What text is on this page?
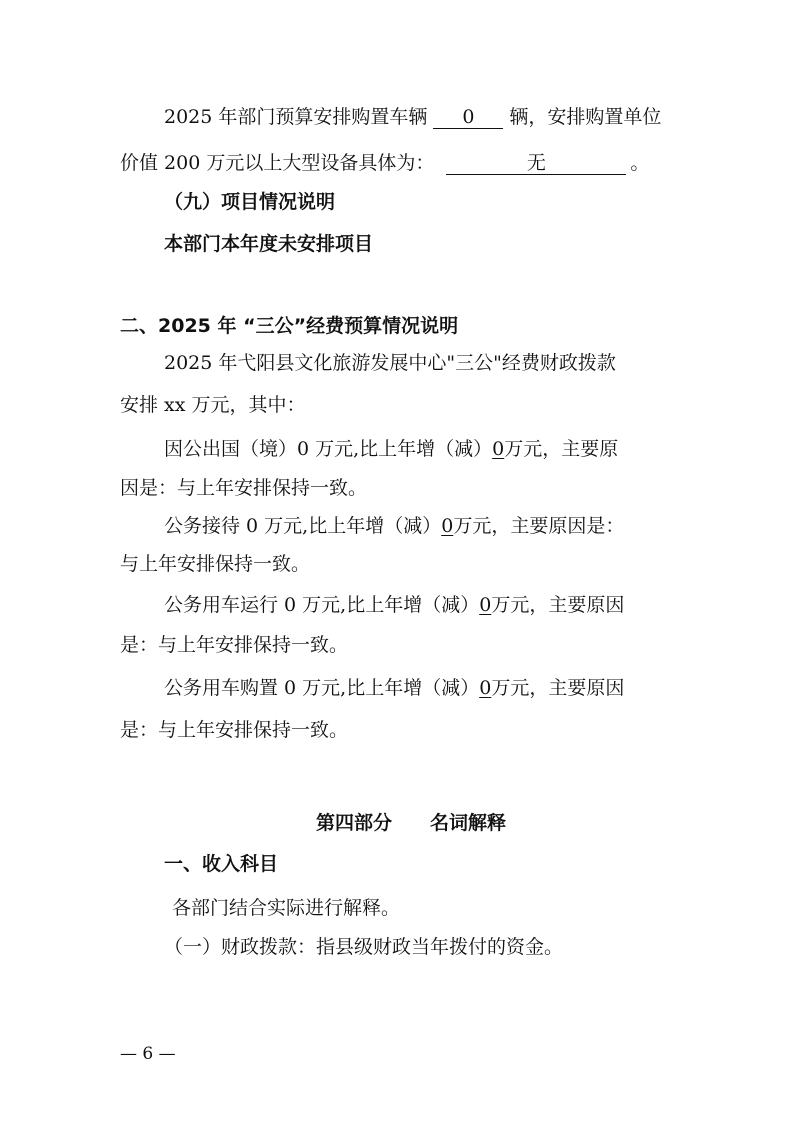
2025 年部门预算安排购置车辆 0 辆，安排购置单位
价值 200 万元以上大型设备具体为：	无	。
（九）项目情况说明
本部门本年度未安排项目
二、2025 年 “三公”经费预算情况说明
2025 年弋阳县文化旅游发展中心"三公"经费财政拨款
安排 xx 万元，其中：
因公出国（境）0 万元,比上年增（减）0万元，主要原
因是：与上年安排保持一致。
公务接待 0 万元,比上年增（减）0万元，主要原因是：
与上年安排保持一致。
公务用车运行 0 万元,比上年增（减）0万元，主要原因
是：与上年安排保持一致。
公务用车购置 0 万元,比上年增（减）0万元，主要原因
是：与上年安排保持一致。
第四部分　　名词解释
一、收入科目
各部门结合实际进行解释。
（一）财政拨款：指县级财政当年拨付的资金。
— 6 —
